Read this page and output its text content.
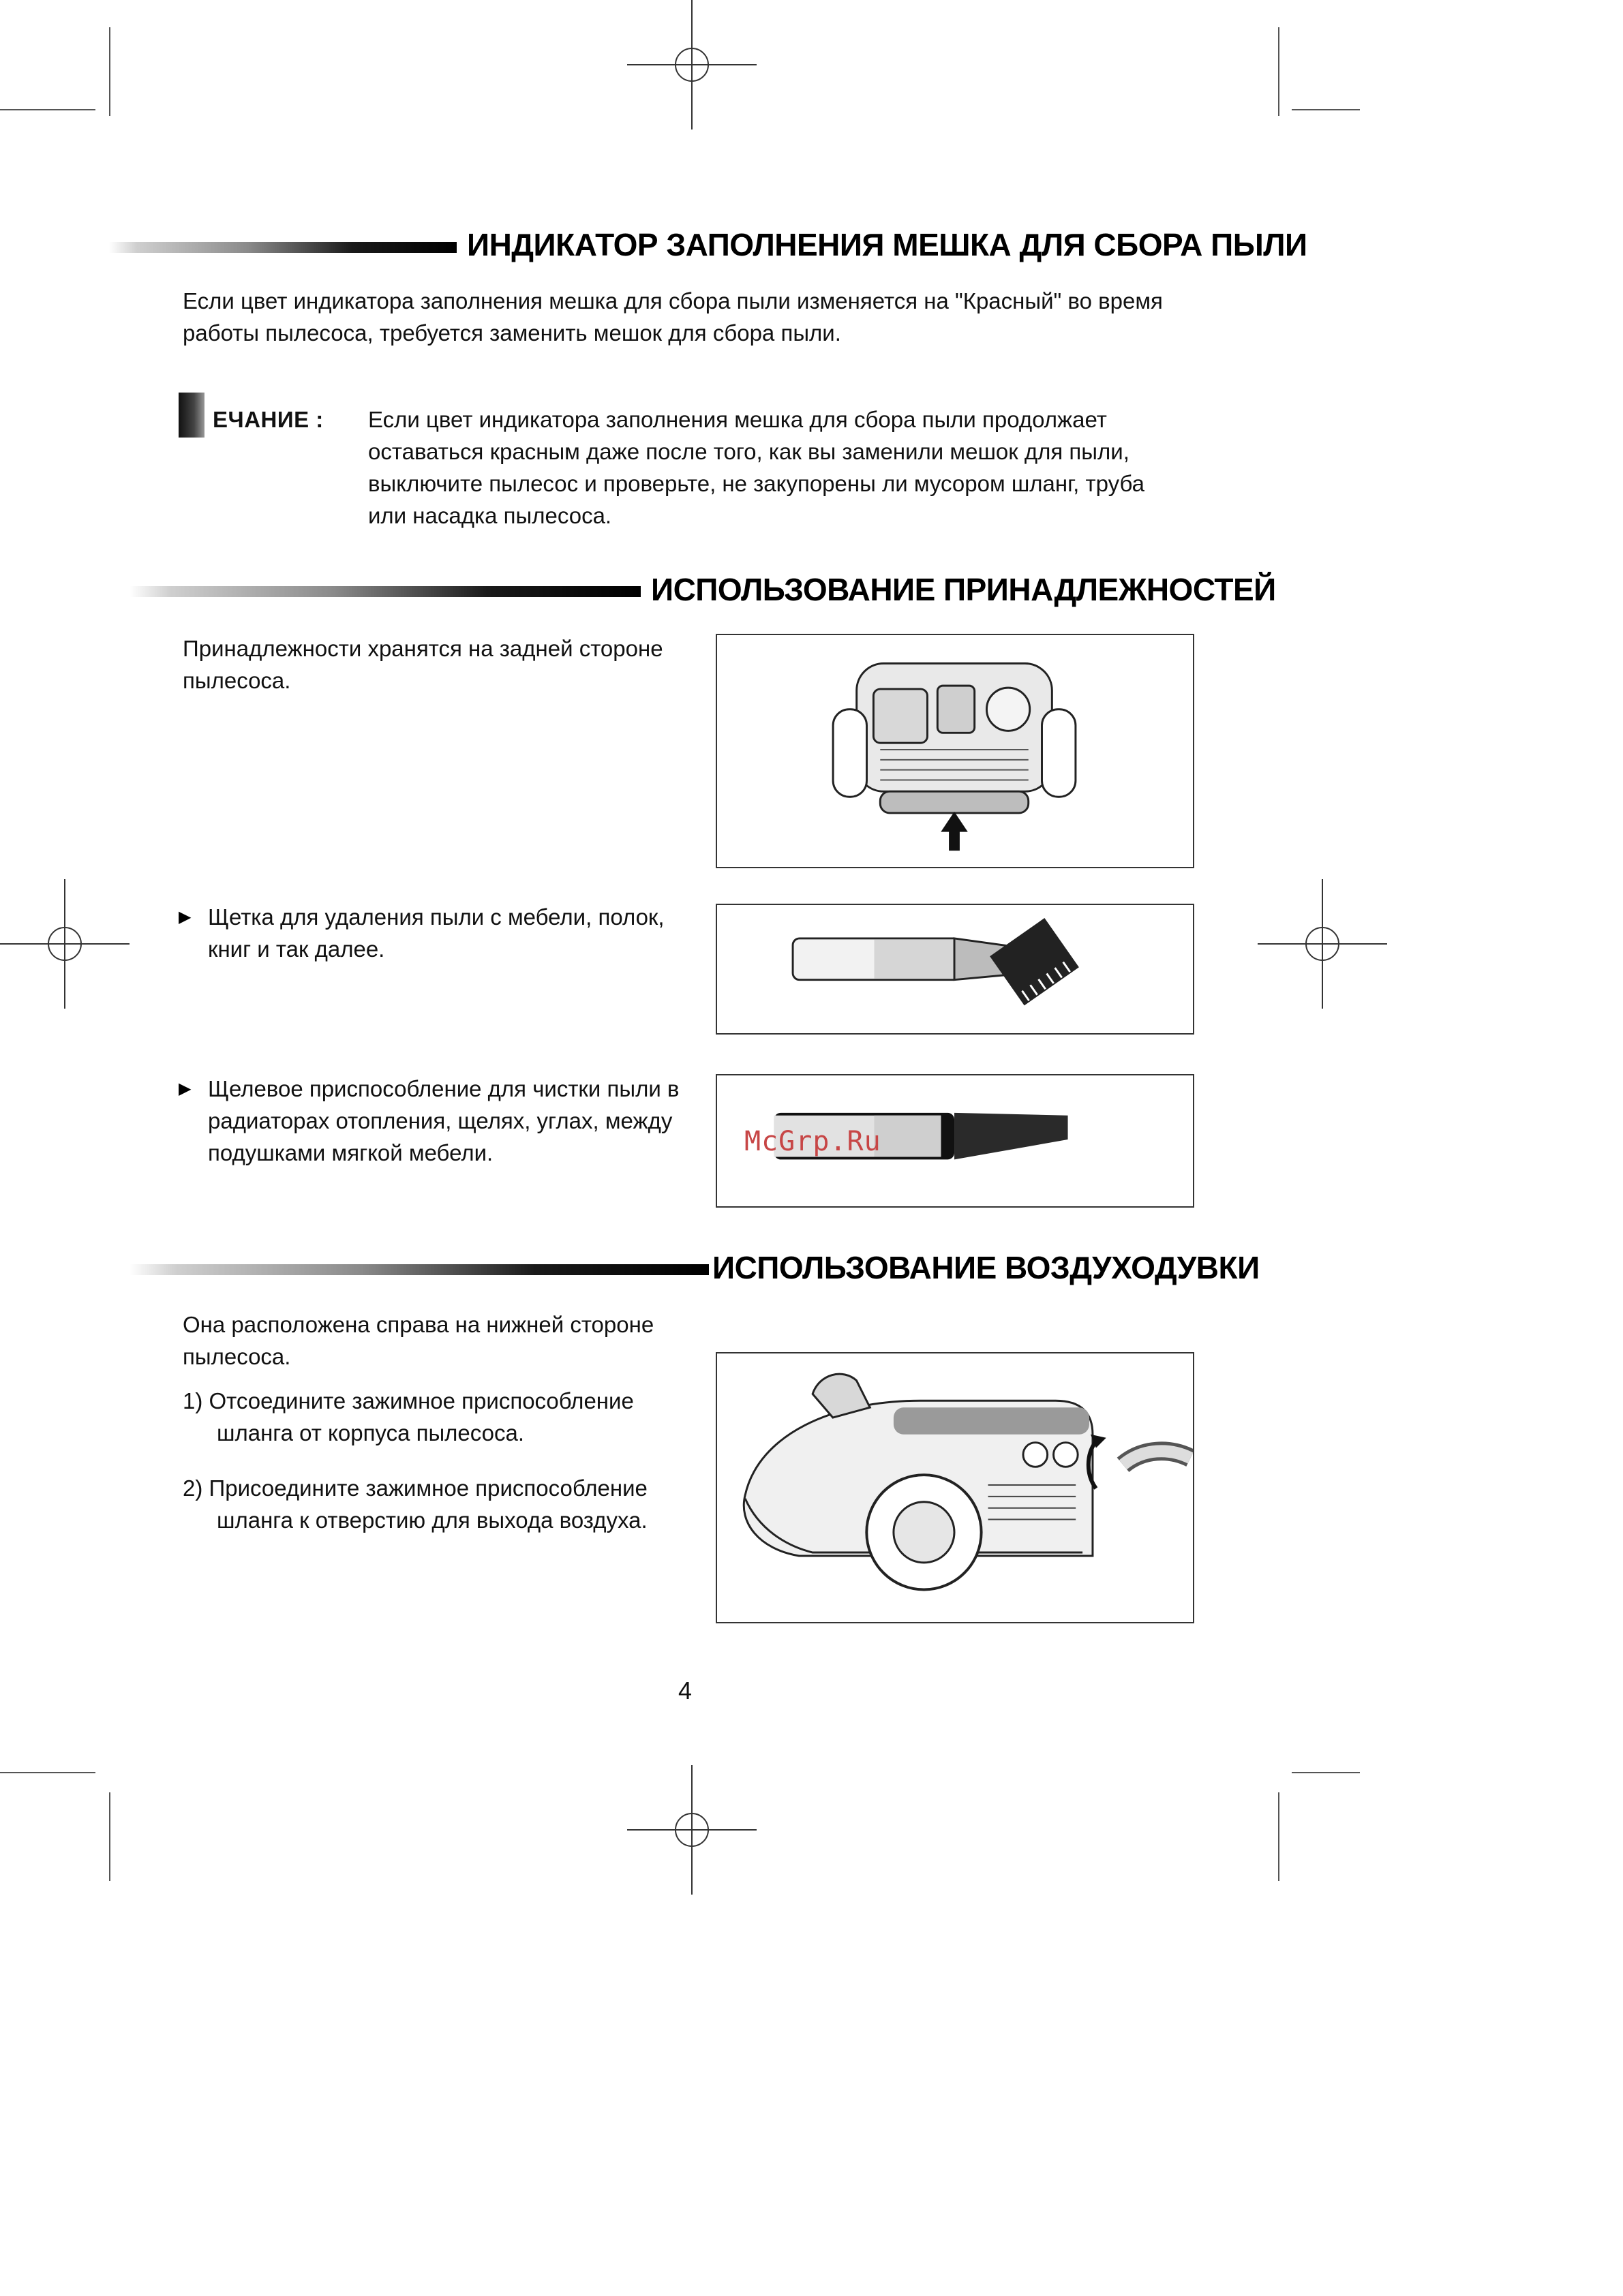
ИНДИКАТОР ЗАПОЛНЕНИЯ МЕШКА ДЛЯ СБОРА ПЫЛИ
Если цвет индикатора заполнения мешка для сбора пыли изменяется на "Красный" во время
работы пылесоса, требуется заменить мешок для сбора пыли.
ЕЧАНИЕ : Если цвет индикатора заполнения мешка для сбора пыли продолжает
оставаться красным даже после того, как вы заменили мешок для пыли,
выключите пылесос и проверьте, не закупорены ли мусором шланг, труба
или насадка пылесоса.
ИСПОЛЬЗОВАНИЕ ПРИНАДЛЕЖНОСТЕЙ
Принадлежности хранятся на задней стороне
пылесоса.
▶ Щетка для удаления пыли с мебели, полок,
книг и так далее.
▶ Щелевое приспособление для чистки пыли в
радиаторах отопления, щелях, углах, между
подушками мягкой мебели.	McGrp.Ru
ИСПОЛЬЗОВАНИЕ ВОЗДУХОДУВКИ
Она расположена справа на нижней стороне
пылесоса.
1) Отсоедините зажимное приспособление
шланга от корпуса пылесоса.
2) Присоедините зажимное приспособление
шланга к отверстию для выхода воздуха.
4
